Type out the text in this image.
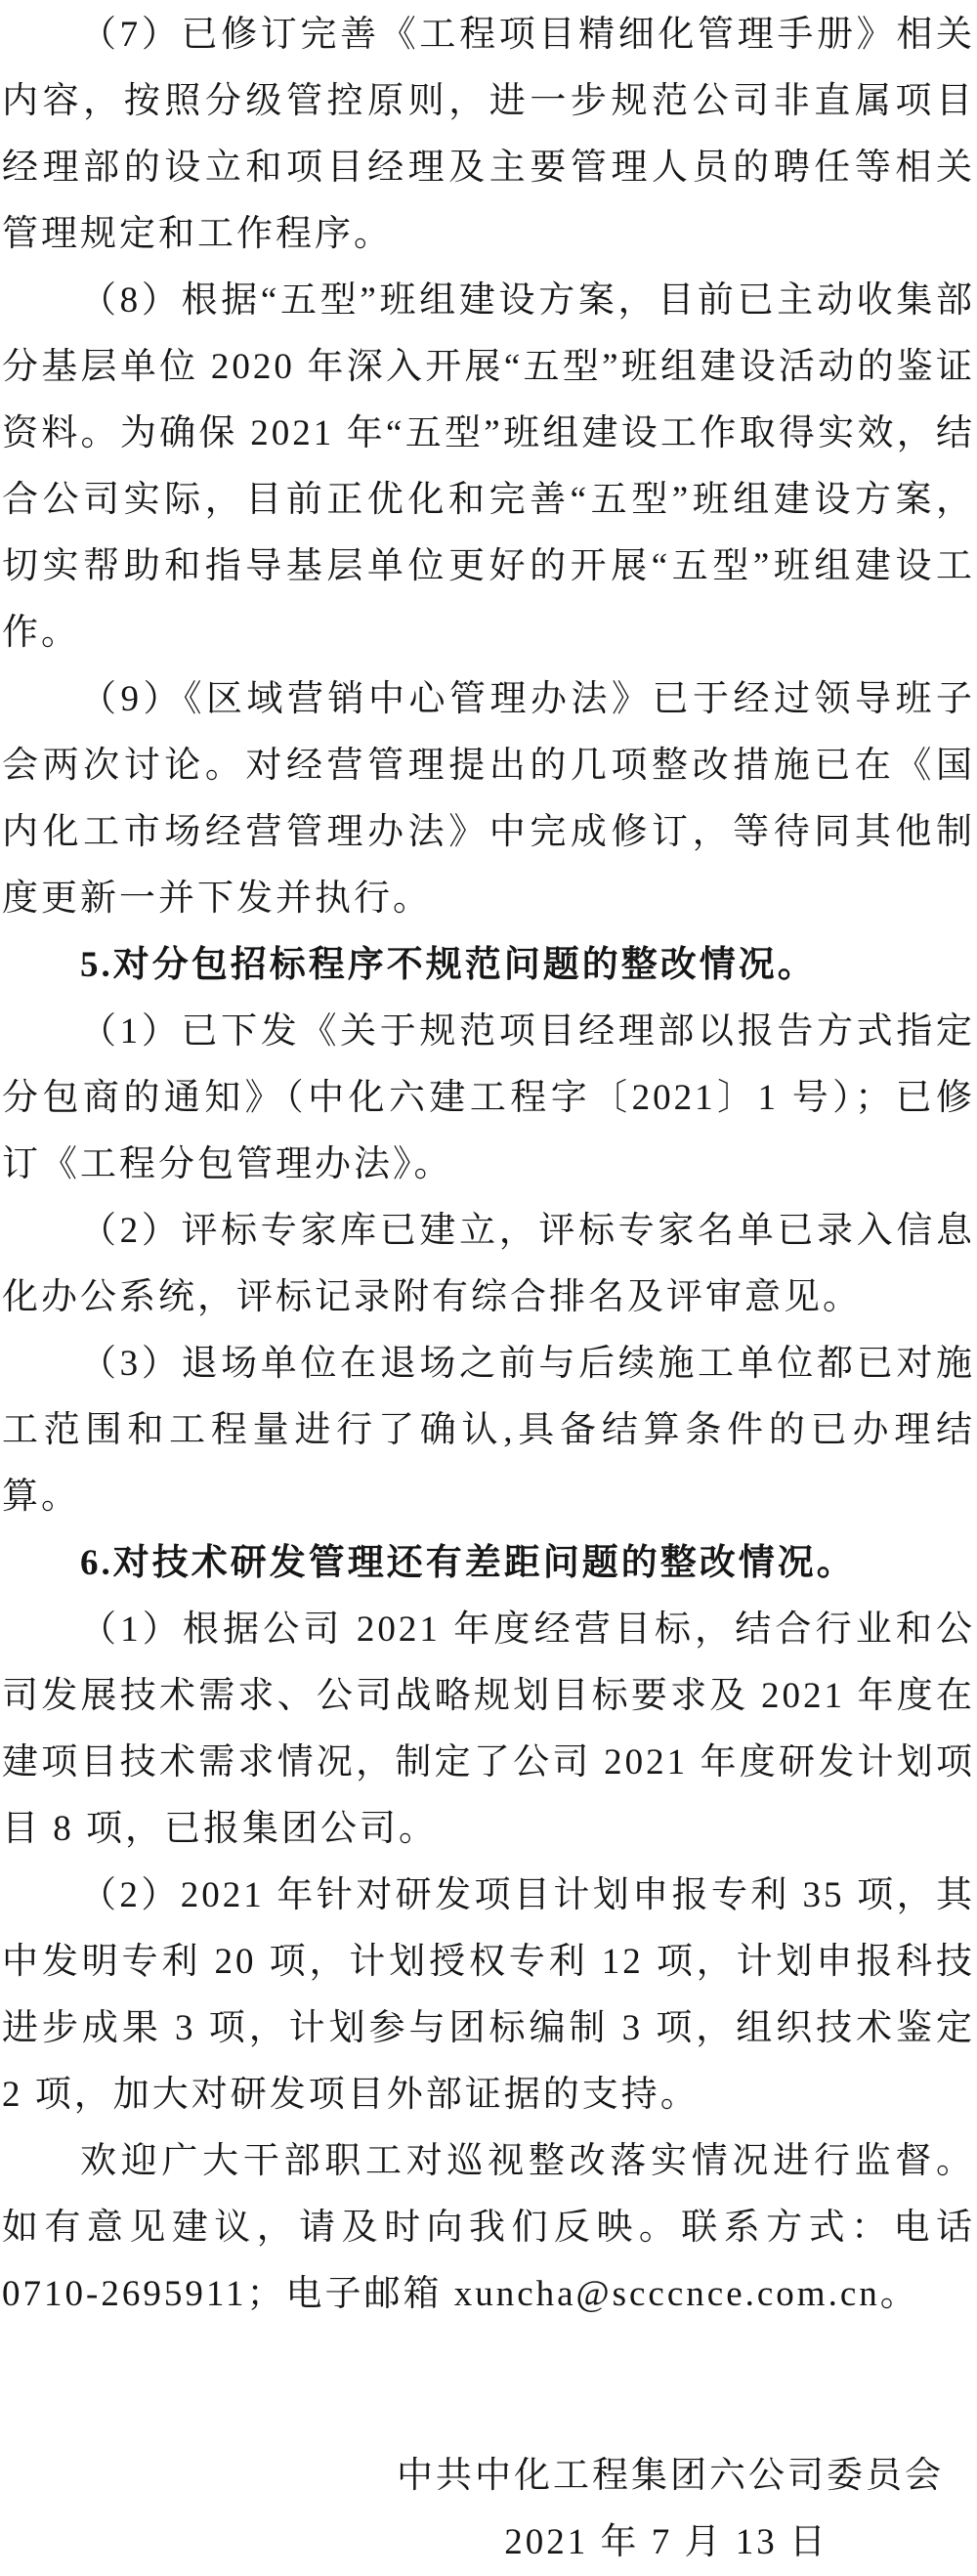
（7）已修订完善《工程项目精细化管理手册》相关内容，按照分级管控原则，进一步规范公司非直属项目经理部的设立和项目经理及主要管理人员的聘任等相关管理规定和工作程序。

（8）根据“五型”班组建设方案，目前已主动收集部分基层单位 2020 年深入开展“五型”班组建设活动的鉴证资料。为确保 2021 年“五型”班组建设工作取得实效，结合公司实际，目前正优化和完善“五型”班组建设方案，切实帮助和指导基层单位更好的开展“五型”班组建设工作。

（9）《区域营销中心管理办法》已于经过领导班子会两次讨论。对经营管理提出的几项整改措施已在《国内化工市场经营管理办法》中完成修订，等待同其他制度更新一并下发并执行。

5.对分包招标程序不规范问题的整改情况。

（1）已下发《关于规范项目经理部以报告方式指定分包商的通知》（中化六建工程字〔2021〕1 号）；已修订《工程分包管理办法》。

（2）评标专家库已建立，评标专家名单已录入信息化办公系统，评标记录附有综合排名及评审意见。

（3）退场单位在退场之前与后续施工单位都已对施工范围和工程量进行了确认,具备结算条件的已办理结算。

6.对技术研发管理还有差距问题的整改情况。

（1）根据公司 2021 年度经营目标，结合行业和公司发展技术需求、公司战略规划目标要求及 2021 年度在建项目技术需求情况，制定了公司 2021 年度研发计划项目 8 项，已报集团公司。

（2）2021 年针对研发项目计划申报专利 35 项，其中发明专利 20 项，计划授权专利 12 项，计划申报科技进步成果 3 项，计划参与团标编制 3 项，组织技术鉴定 2 项，加大对研发项目外部证据的支持。

欢迎广大干部职工对巡视整改落实情况进行监督。如有意见建议，请及时向我们反映。联系方式：电话 0710-2695911；电子邮箱 xuncha@scccnce.com.cn。

中共中化工程集团六公司委员会
2021 年 7 月 13 日
